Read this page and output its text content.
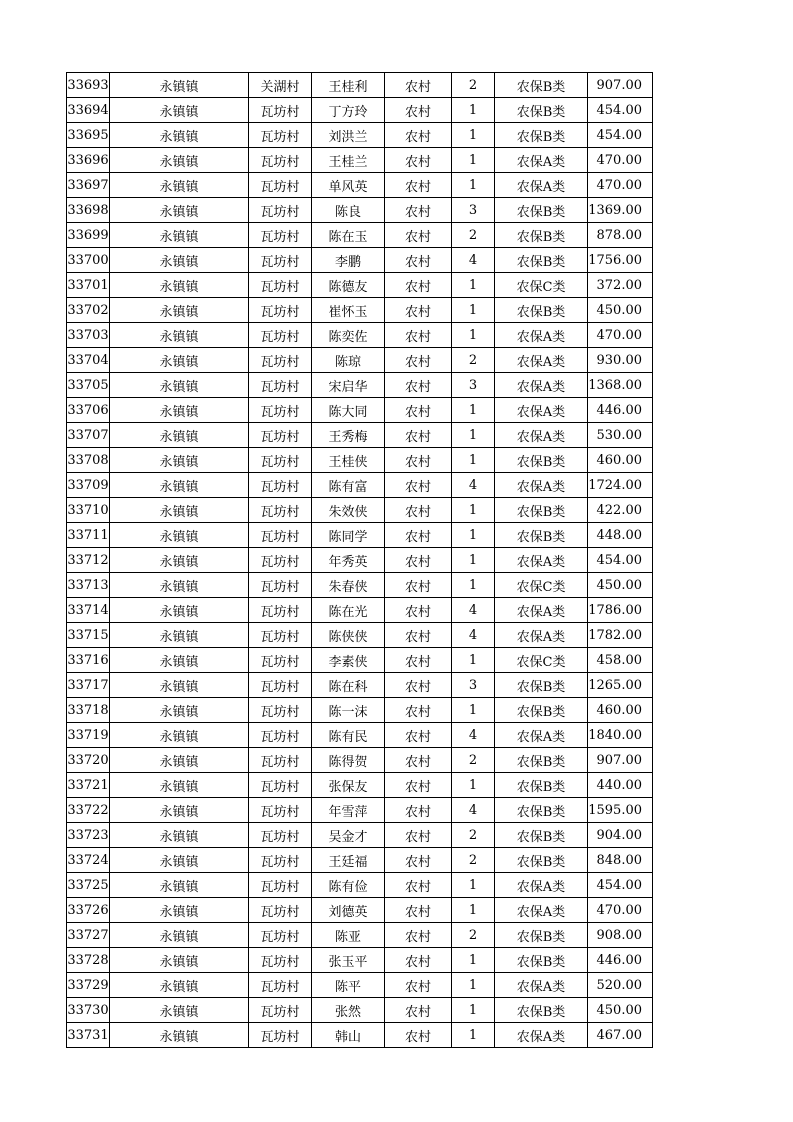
33693	永镇镇	关湖村	王桂利	农村	2	农保B类	907.00
33694	永镇镇	瓦坊村	丁方玲	农村	1	农保B类	454.00
33695	永镇镇	瓦坊村	刘洪兰	农村	1	农保B类	454.00
33696	永镇镇	瓦坊村	王桂兰	农村	1	农保A类	470.00
33697	永镇镇	瓦坊村	单风英	农村	1	农保A类	470.00
33698	永镇镇	瓦坊村	陈良	农村	3	农保B类	1369.00
33699	永镇镇	瓦坊村	陈在玉	农村	2	农保B类	878.00
33700	永镇镇	瓦坊村	李鹏	农村	4	农保B类	1756.00
33701	永镇镇	瓦坊村	陈德友	农村	1	农保C类	372.00
33702	永镇镇	瓦坊村	崔怀玉	农村	1	农保B类	450.00
33703	永镇镇	瓦坊村	陈奕佐	农村	1	农保A类	470.00
33704	永镇镇	瓦坊村	陈琼	农村	2	农保A类	930.00
33705	永镇镇	瓦坊村	宋启华	农村	3	农保A类	1368.00
33706	永镇镇	瓦坊村	陈大同	农村	1	农保A类	446.00
33707	永镇镇	瓦坊村	王秀梅	农村	1	农保A类	530.00
33708	永镇镇	瓦坊村	王桂侠	农村	1	农保B类	460.00
33709	永镇镇	瓦坊村	陈有富	农村	4	农保A类	1724.00
33710	永镇镇	瓦坊村	朱效侠	农村	1	农保B类	422.00
33711	永镇镇	瓦坊村	陈同学	农村	1	农保B类	448.00
33712	永镇镇	瓦坊村	年秀英	农村	1	农保A类	454.00
33713	永镇镇	瓦坊村	朱春侠	农村	1	农保C类	450.00
33714	永镇镇	瓦坊村	陈在光	农村	4	农保A类	1786.00
33715	永镇镇	瓦坊村	陈侠侠	农村	4	农保A类	1782.00
33716	永镇镇	瓦坊村	李素侠	农村	1	农保C类	458.00
33717	永镇镇	瓦坊村	陈在科	农村	3	农保B类	1265.00
33718	永镇镇	瓦坊村	陈一沫	农村	1	农保B类	460.00
33719	永镇镇	瓦坊村	陈有民	农村	4	农保A类	1840.00
33720	永镇镇	瓦坊村	陈得贺	农村	2	农保B类	907.00
33721	永镇镇	瓦坊村	张保友	农村	1	农保B类	440.00
33722	永镇镇	瓦坊村	年雪萍	农村	4	农保B类	1595.00
33723	永镇镇	瓦坊村	吴金才	农村	2	农保B类	904.00
33724	永镇镇	瓦坊村	王廷福	农村	2	农保B类	848.00
33725	永镇镇	瓦坊村	陈有俭	农村	1	农保A类	454.00
33726	永镇镇	瓦坊村	刘德英	农村	1	农保A类	470.00
33727	永镇镇	瓦坊村	陈亚	农村	2	农保B类	908.00
33728	永镇镇	瓦坊村	张玉平	农村	1	农保B类	446.00
33729	永镇镇	瓦坊村	陈平	农村	1	农保A类	520.00
33730	永镇镇	瓦坊村	张然	农村	1	农保B类	450.00
33731	永镇镇	瓦坊村	韩山	农村	1	农保A类	467.00
